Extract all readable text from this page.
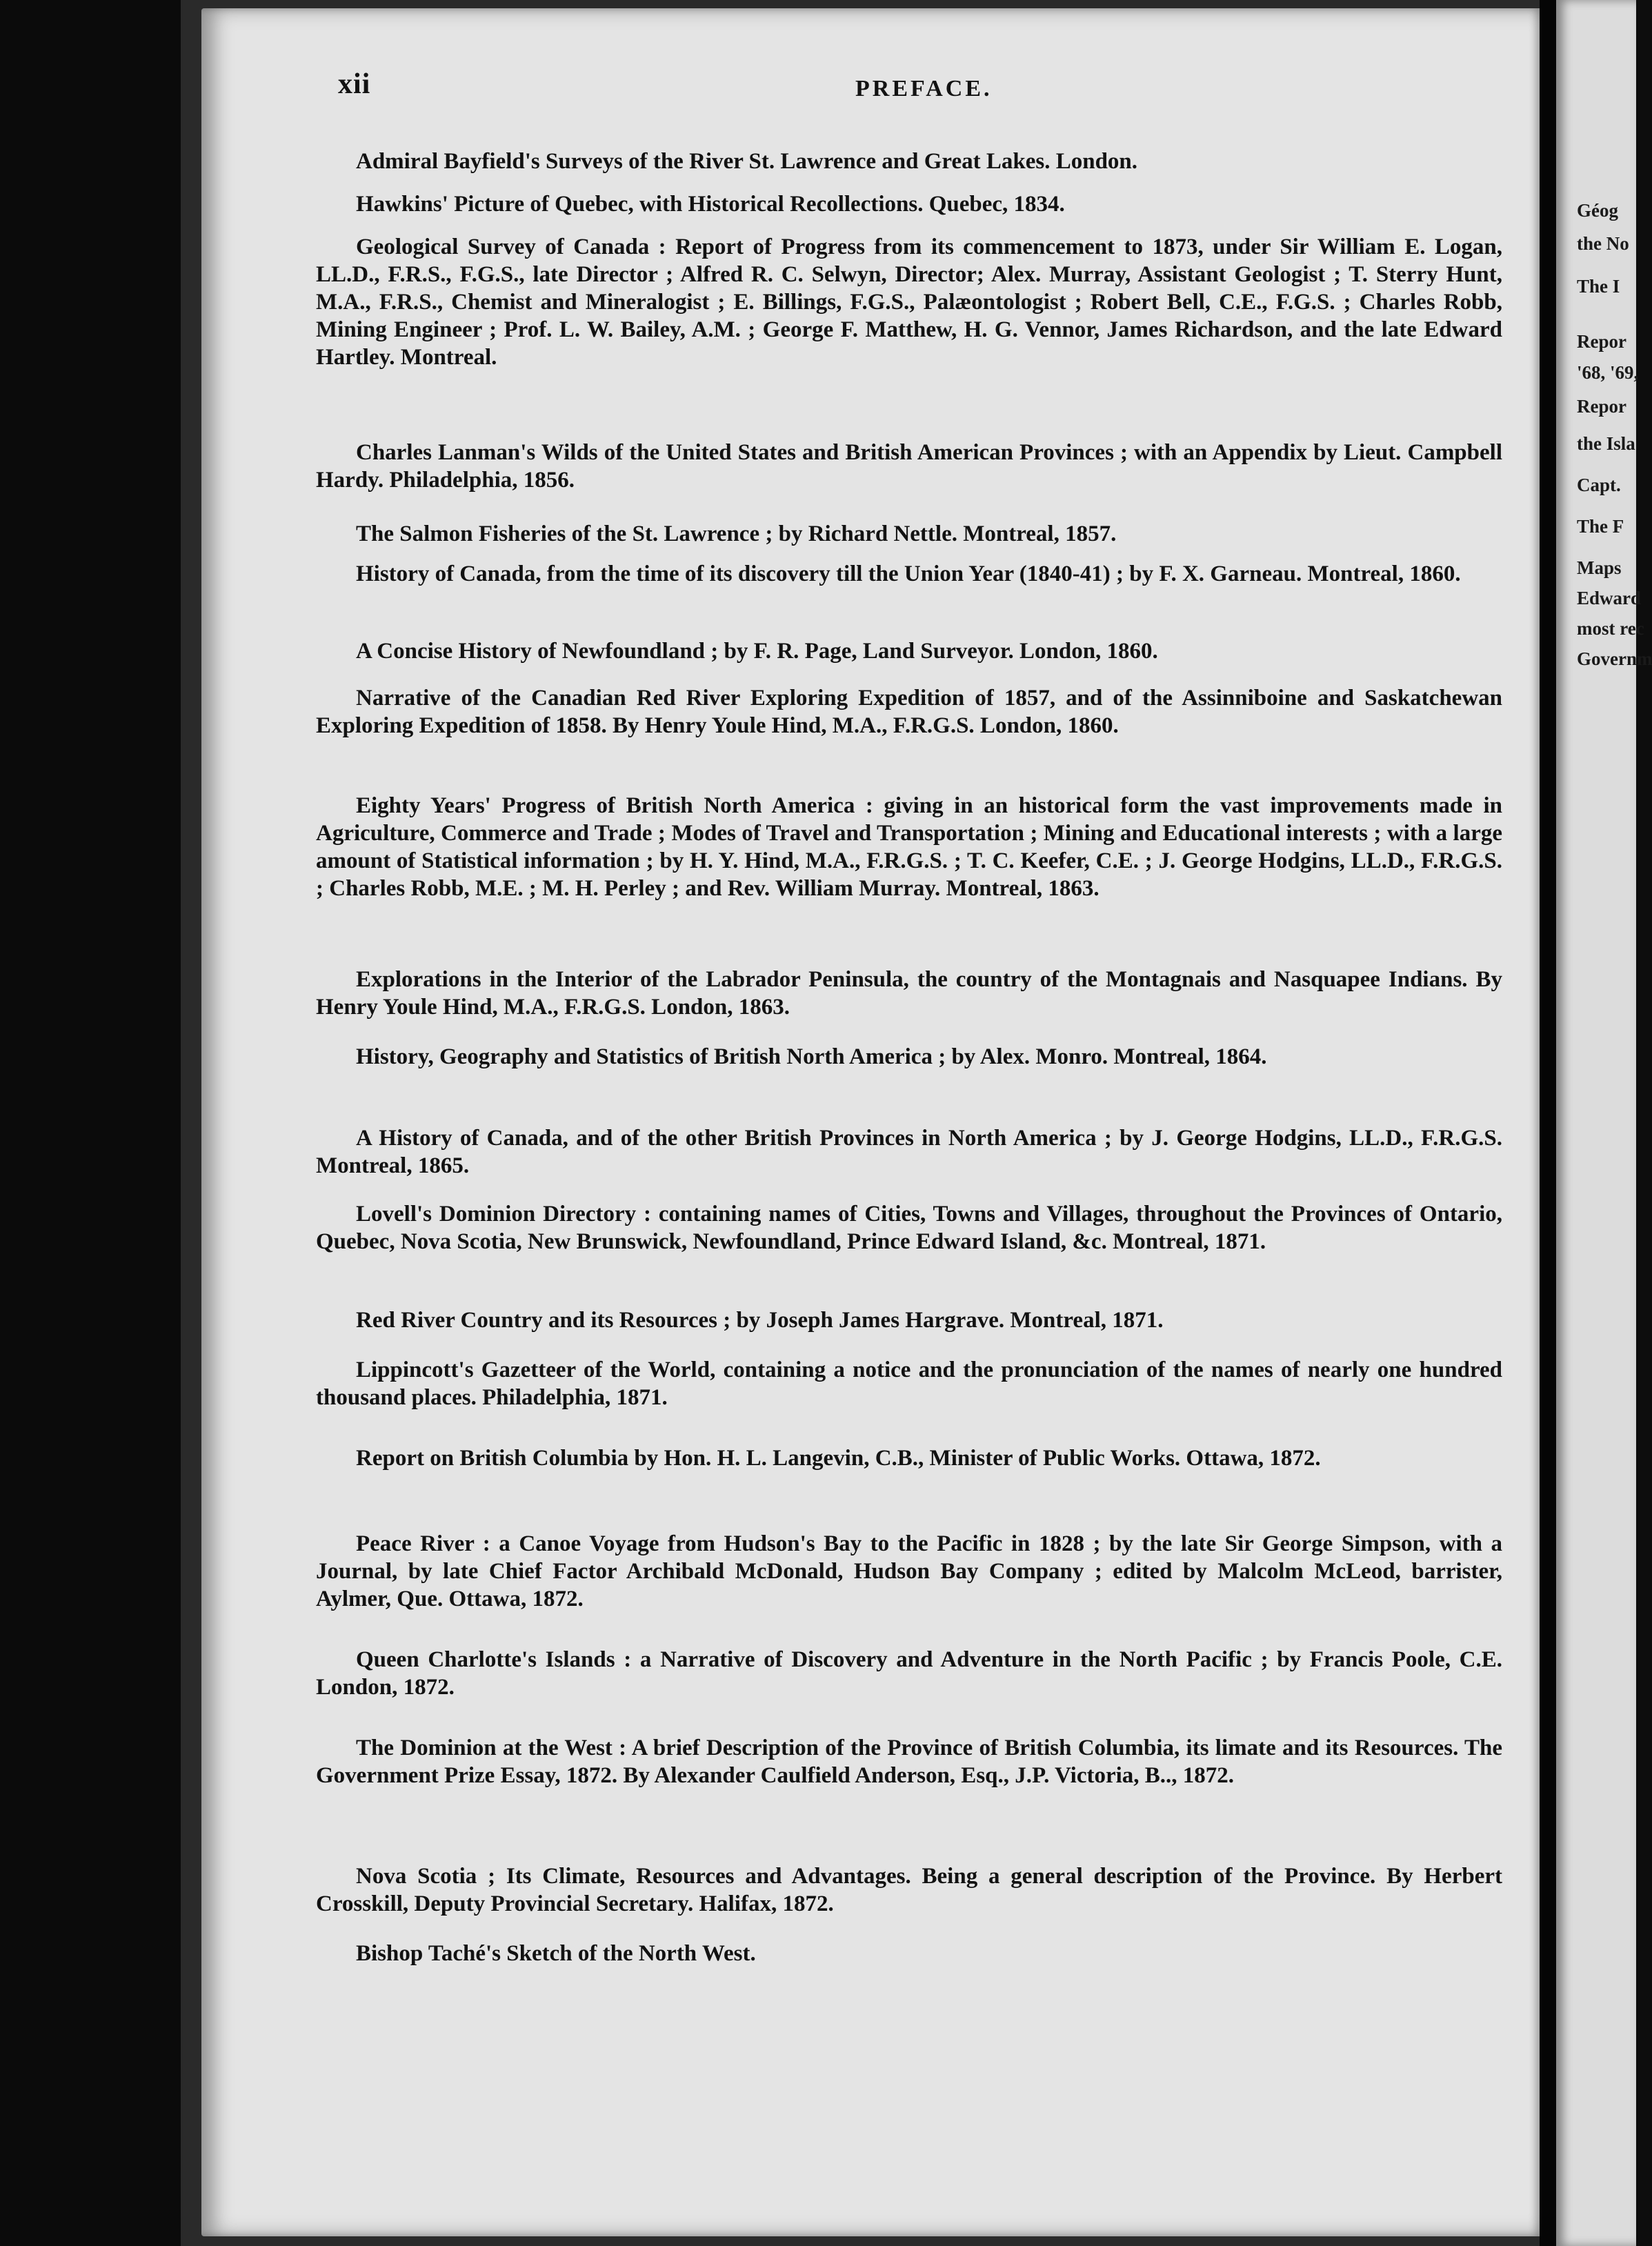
Géog
the No
The I
Repor
'68, '69,
Repor
the Isla
Capt.
The F
Maps
Edward
most rec
Governm
xii	PREFACE.
Admiral Bayfield's Surveys of the River St. Lawrence and Great Lakes. London.
Hawkins' Picture of Quebec, with Historical Recollections. Quebec, 1834.
Geological Survey of Canada : Report of Progress from its commencement to 1873, under Sir William E. Logan, LL.D., F.R.S., F.G.S., late Director ; Alfred R. C. Selwyn, Director; Alex. Murray, Assistant Geologist ; T. Sterry Hunt, M.A., F.R.S., Chemist and Mineralogist ; E. Billings, F.G.S., Palæontologist ; Robert Bell, C.E., F.G.S. ; Charles Robb, Mining Engineer ; Prof. L. W. Bailey, A.M. ; George F. Matthew, H. G. Vennor, James Richardson, and the late Edward Hartley. Montreal.
Charles Lanman's Wilds of the United States and British American Provinces ; with an Appendix by Lieut. Campbell Hardy. Philadelphia, 1856.
The Salmon Fisheries of the St. Lawrence ; by Richard Nettle. Montreal, 1857.
History of Canada, from the time of its discovery till the Union Year (1840-41) ; by F. X. Garneau. Montreal, 1860.
A Concise History of Newfoundland ; by F. R. Page, Land Surveyor. London, 1860.
Narrative of the Canadian Red River Exploring Expedition of 1857, and of the Assinniboine and Saskatchewan Exploring Expedition of 1858. By Henry Youle Hind, M.A., F.R.G.S. London, 1860.
Eighty Years' Progress of British North America : giving in an historical form the vast improvements made in Agriculture, Commerce and Trade ; Modes of Travel and Transportation ; Mining and Educational interests ; with a large amount of Statistical information ; by H. Y. Hind, M.A., F.R.G.S. ; T. C. Keefer, C.E. ; J. George Hodgins, LL.D., F.R.G.S. ; Charles Robb, M.E. ; M. H. Perley ; and Rev. William Murray. Montreal, 1863.
Explorations in the Interior of the Labrador Peninsula, the country of the Montagnais and Nasquapee Indians. By Henry Youle Hind, M.A., F.R.G.S. London, 1863.
History, Geography and Statistics of British North America ; by Alex. Monro. Montreal, 1864.
A History of Canada, and of the other British Provinces in North America ; by J. George Hodgins, LL.D., F.R.G.S. Montreal, 1865.
Lovell's Dominion Directory : containing names of Cities, Towns and Villages, throughout the Provinces of Ontario, Quebec, Nova Scotia, New Brunswick, Newfoundland, Prince Edward Island, &c. Montreal, 1871.
Red River Country and its Resources ; by Joseph James Hargrave. Montreal, 1871.
Lippincott's Gazetteer of the World, containing a notice and the pronunciation of the names of nearly one hundred thousand places. Philadelphia, 1871.
Report on British Columbia by Hon. H. L. Langevin, C.B., Minister of Public Works. Ottawa, 1872.
Peace River : a Canoe Voyage from Hudson's Bay to the Pacific in 1828 ; by the late Sir George Simpson, with a Journal, by late Chief Factor Archibald McDonald, Hudson Bay Company ; edited by Malcolm McLeod, barrister, Aylmer, Que. Ottawa, 1872.
Queen Charlotte's Islands : a Narrative of Discovery and Adventure in the North Pacific ; by Francis Poole, C.E. London, 1872.
The Dominion at the West : A brief Description of the Province of British Columbia, its limate and its Resources. The Government Prize Essay, 1872. By Alexander Caulfield Anderson, Esq., J.P. Victoria, B.., 1872.
Nova Scotia ; Its Climate, Resources and Advantages. Being a general description of the Province. By Herbert Crosskill, Deputy Provincial Secretary. Halifax, 1872.
Bishop Taché's Sketch of the North West.
